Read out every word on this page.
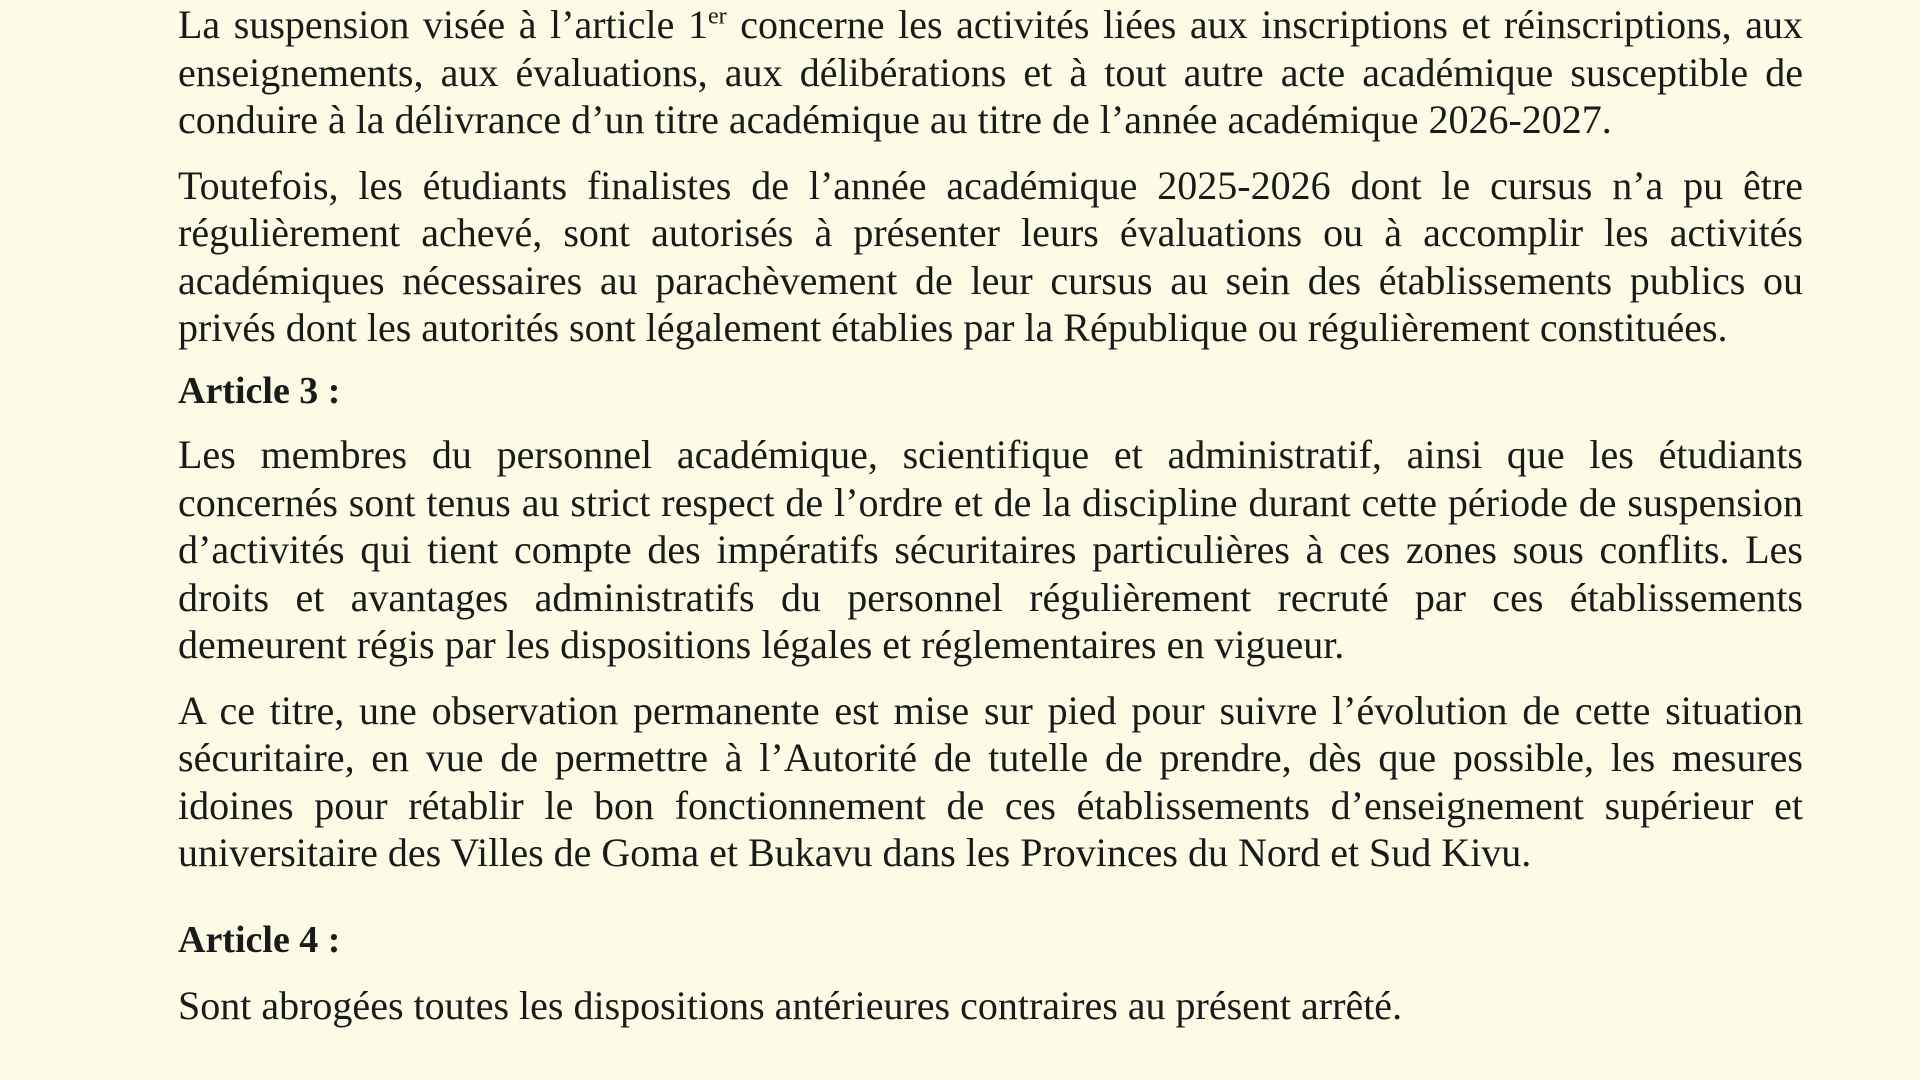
La suspension visée à l’article 1er concerne les activités liées aux inscriptions et réinscriptions, aux enseignements, aux évaluations, aux délibérations et à tout autre acte académique susceptible de conduire à la délivrance d’un titre académique au titre de l’année académique 2026-2027.

Toutefois, les étudiants finalistes de l’année académique 2025-2026 dont le cursus n’a pu être régulièrement achevé, sont autorisés à présenter leurs évaluations ou à accomplir les activités académiques nécessaires au parachèvement de leur cursus au sein des établissements publics ou privés dont les autorités sont légalement établies par la République ou régulièrement constituées.

Article 3 :

Les membres du personnel académique, scientifique et administratif, ainsi que les étudiants concernés sont tenus au strict respect de l’ordre et de la discipline durant cette période de suspension d’activités qui tient compte des impératifs sécuritaires particulières à ces zones sous conflits. Les droits et avantages administratifs du personnel régulièrement recruté par ces établissements demeurent régis par les dispositions légales et réglementaires en vigueur.

A ce titre, une observation permanente est mise sur pied pour suivre l’évolution de cette situation sécuritaire, en vue de permettre à l’Autorité de tutelle de prendre, dès que possible, les mesures idoines pour rétablir le bon fonctionnement de ces établissements d’enseignement supérieur et universitaire des Villes de Goma et Bukavu dans les Provinces du Nord et Sud Kivu.

Article 4 :

Sont abrogées toutes les dispositions antérieures contraires au présent arrêté.
